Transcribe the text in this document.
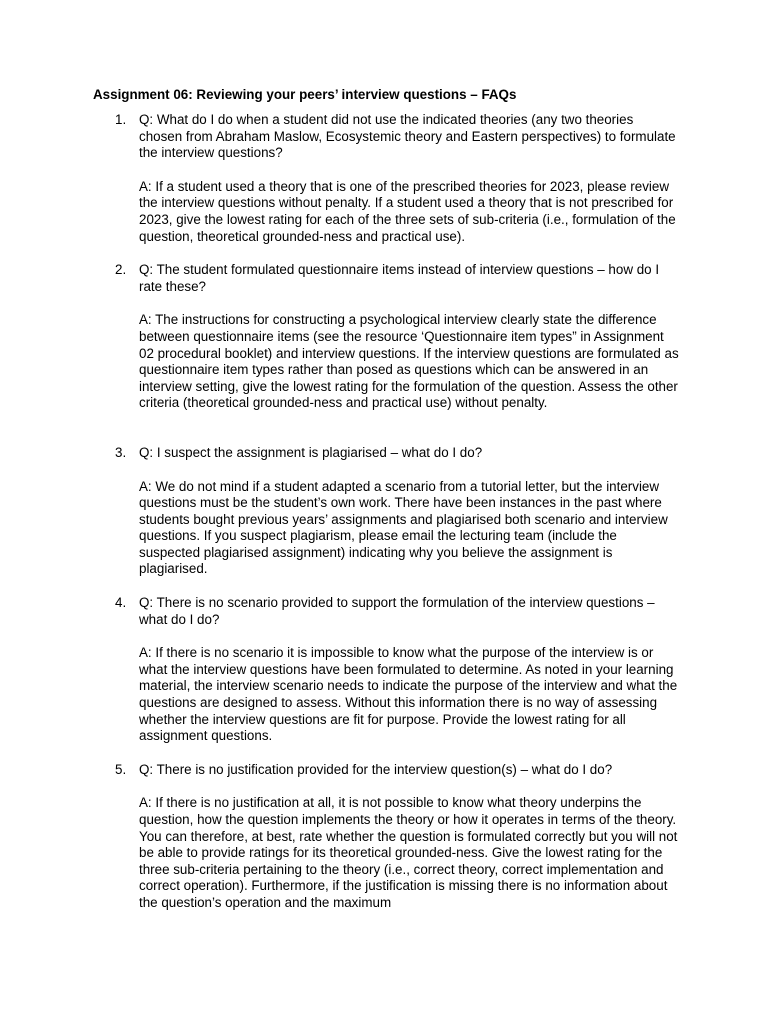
Assignment 06: Reviewing your peers’ interview questions – FAQs
1. Q: What do I do when a student did not use the indicated theories (any two theories chosen from Abraham Maslow, Ecosystemic theory and Eastern perspectives) to formulate the interview questions?

A: If a student used a theory that is one of the prescribed theories for 2023, please review the interview questions without penalty. If a student used a theory that is not prescribed for 2023, give the lowest rating for each of the three sets of sub-criteria (i.e., formulation of the question, theoretical grounded-ness and practical use).

2. Q: The student formulated questionnaire items instead of interview questions – how do I rate these?

A: The instructions for constructing a psychological interview clearly state the difference between questionnaire items (see the resource ‘Questionnaire item types” in Assignment 02 procedural booklet) and interview questions. If the interview questions are formulated as questionnaire item types rather than posed as questions which can be answered in an interview setting, give the lowest rating for the formulation of the question. Assess the other criteria (theoretical grounded-ness and practical use) without penalty.

3. Q: I suspect the assignment is plagiarised – what do I do?

A: We do not mind if a student adapted a scenario from a tutorial letter, but the interview questions must be the student’s own work. There have been instances in the past where students bought previous years’ assignments and plagiarised both scenario and interview questions. If you suspect plagiarism, please email the lecturing team (include the suspected plagiarised assignment) indicating why you believe the assignment is plagiarised.

4. Q: There is no scenario provided to support the formulation of the interview questions – what do I do?

A: If there is no scenario it is impossible to know what the purpose of the interview is or what the interview questions have been formulated to determine. As noted in your learning material, the interview scenario needs to indicate the purpose of the interview and what the questions are designed to assess. Without this information there is no way of assessing whether the interview questions are fit for purpose. Provide the lowest rating for all assignment questions.

5. Q: There is no justification provided for the interview question(s) – what do I do?

A: If there is no justification at all, it is not possible to know what theory underpins the question, how the question implements the theory or how it operates in terms of the theory. You can therefore, at best, rate whether the question is formulated correctly but you will not be able to provide ratings for its theoretical grounded-ness. Give the lowest rating for the three sub-criteria pertaining to the theory (i.e., correct theory, correct implementation and correct operation). Furthermore, if the justification is missing there is no information about the question’s operation and the maximum
